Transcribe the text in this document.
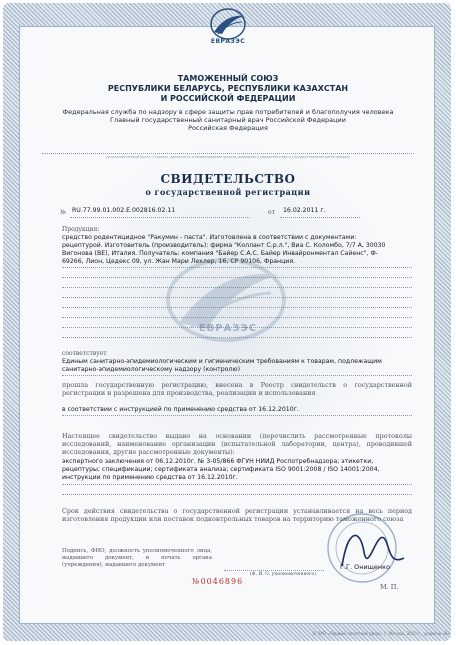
ЕВРАЗЭС
ТАМОЖЕННЫЙ СОЮЗ
РЕСПУБЛИКИ БЕЛАРУСЬ, РЕСПУБЛИКИ КАЗАХСТАН
И РОССИЙСКОЙ ФЕДЕРАЦИИ
Федеральная служба по надзору в сфере защиты прав потребителей и благополучия человека
Главный государственный санитарный врач Российской Федерации
Российская Федерация
(уполномоченный орган Стороны, должность и наименование органа, выдавшего свидетельство о государственной регистрации)
СВИДЕТЕЛЬСТВО
о государственной регистрации
№ RU.77.99.01.002.E.002816.02.11	от 16.02.2011 г.
Продукция:
средство родентицидное "Ракумин - паста". Изготовлена в соответствии с документами:
рецептурой. Изготовитель (производитель): фирма "Коллант С.р.л.", Виа С. Коломбо, 7/7 А, 30030
Вигонова (ВЕ), Италия. Получатель: компания "Байер С.А.С. Байер Инвайронментал Сайенс", Ф-
69266, Лион, Цедекс 09, ул. Жан Мари Леклер, 16, СР 90106, Франция.
ЕВРАЗЭС
соответствует
Единым санитарно-эпидемиологическим и гигиеническим требованиям к товарам, подлежащим
санитарно-эпидемиологическому надзору (контролю)
прошла государственную регистрацию, внесена в Реестр свидетельств о государственной регистрации и разрешена для производства, реализации и использования
в соответствии с инструкцией по применению средства от 16.12.2010г.
Настоящее свидетельство выдано на основании (перечислить рассмотренные протоколы исследований, наименование организации (испытательной лаборатории, центра), проводившей исследования, другие рассмотренные документы):
экспертного заключения от 06.12.2010г. № 3-05/866 ФГУН НИИД Роспотребнадзора; этикетки,
рецептуры; спецификации; сертификата анализа; сертификата ISO 9001:2008 / ISO 14001:2004,
инструкции по применению средства от 16.12.2010г.
Срок действия свидетельства о государственной регистрации устанавливается на весь период изготовления продукции или поставок подконтрольных товаров на территорию таможенного союза
Подпись, ФИО, должность уполномоченного лица, выдавшего документ, и печать органа (учреждения), выдавшего документ
(Ф. И. О. уполномоченного)
Г.Г. Онищенко
№0046896
М. П.
© ЗАО «Первый печатный двор», г. Москва, 2010 г., уровень «В»
